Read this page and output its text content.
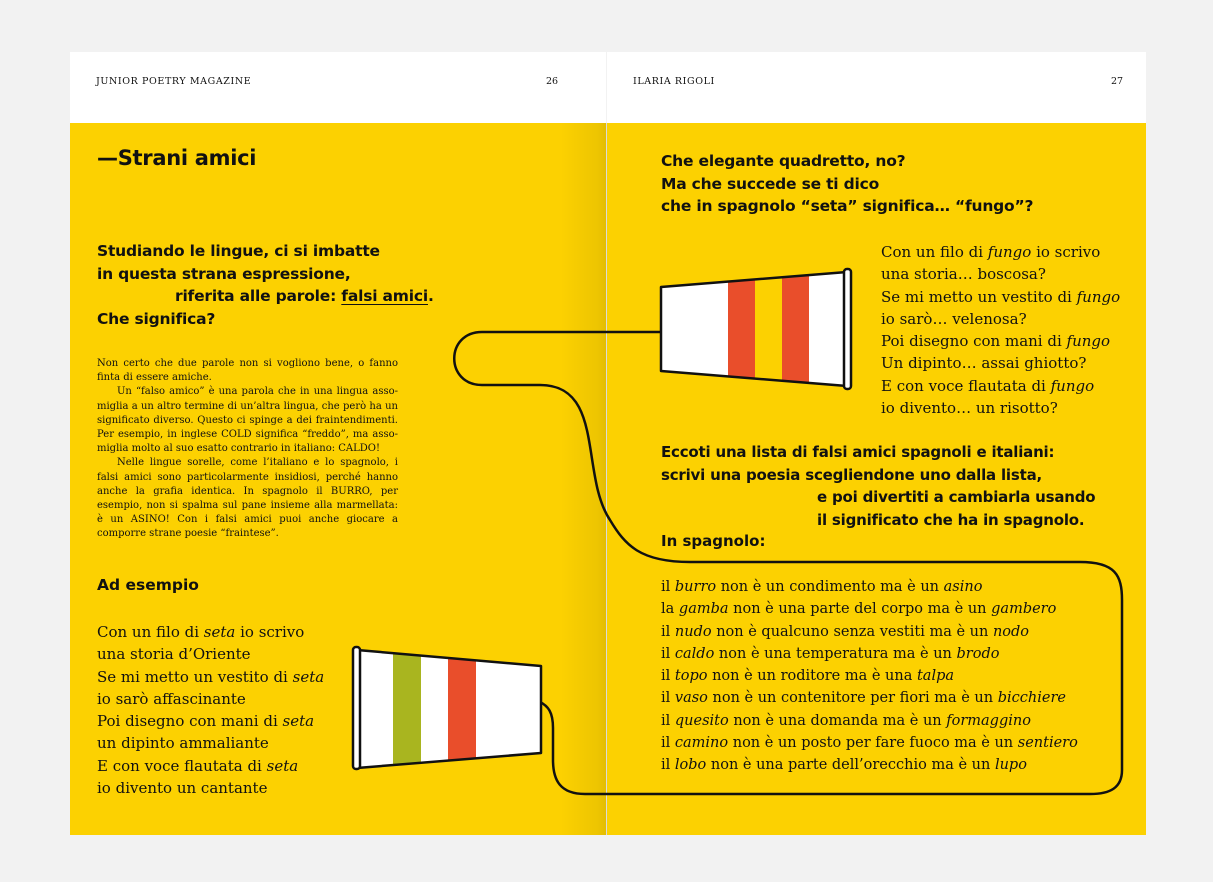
JUNIOR POETRY MAGAZINE	26	ILARIA RIGOLI	27
—Strani amici
Studiando le lingue, ci si imbatte
in questa strana espressione,
riferita alle parole: falsi amici.
Che significa?

Non certo che due parole non si vogliono bene, o fanno finta di essere amiche.

Un “falso amico” è una parola che in una lingua assomiglia a un altro termine di un’altra lingua, che però ha un significato diverso. Questo ci spinge a dei fraintendimenti. Per esempio, in inglese COLD significa “freddo”, ma assomiglia molto al suo esatto contrario in italiano: CALDO!

Nelle lingue sorelle, come l’italiano e lo spagnolo, i falsi amici sono particolarmente insidiosi, perché hanno anche la grafia identica. In spagnolo il BURRO, per esempio, non si spalma sul pane insieme alla marmellata: è un ASINO! Con i falsi amici puoi anche giocare a comporre strane poesie “fraintese”.

Ad esempio
Con un filo di seta io scrivo
una storia d’Oriente
Se mi metto un vestito di seta
io sarò affascinante
Poi disegno con mani di seta
un dipinto ammaliante
E con voce flautata di seta
io divento un cantante
Che elegante quadretto, no?
Ma che succede se ti dico
che in spagnolo “seta” significa… “fungo”?
Con un filo di fungo io scrivo
una storia… boscosa?
Se mi metto un vestito di fungo
io sarò… velenosa?
Poi disegno con mani di fungo
Un dipinto… assai ghiotto?
E con voce flautata di fungo
io divento… un risotto?
Eccoti una lista di falsi amici spagnoli e italiani:
scrivi una poesia scegliendone uno dalla lista,
e poi divertiti a cambiarla usando
il significato che ha in spagnolo.
In spagnolo:
il burro non è un condimento ma è un asino
la gamba non è una parte del corpo ma è un gambero
il nudo non è qualcuno senza vestiti ma è un nodo
il caldo non è una temperatura ma è un brodo
il topo non è un roditore ma è una talpa
il vaso non è un contenitore per fiori ma è un bicchiere
il quesito non è una domanda ma è un formaggino
il camino non è un posto per fare fuoco ma è un sentiero
il lobo non è una parte dell’orecchio ma è un lupo
